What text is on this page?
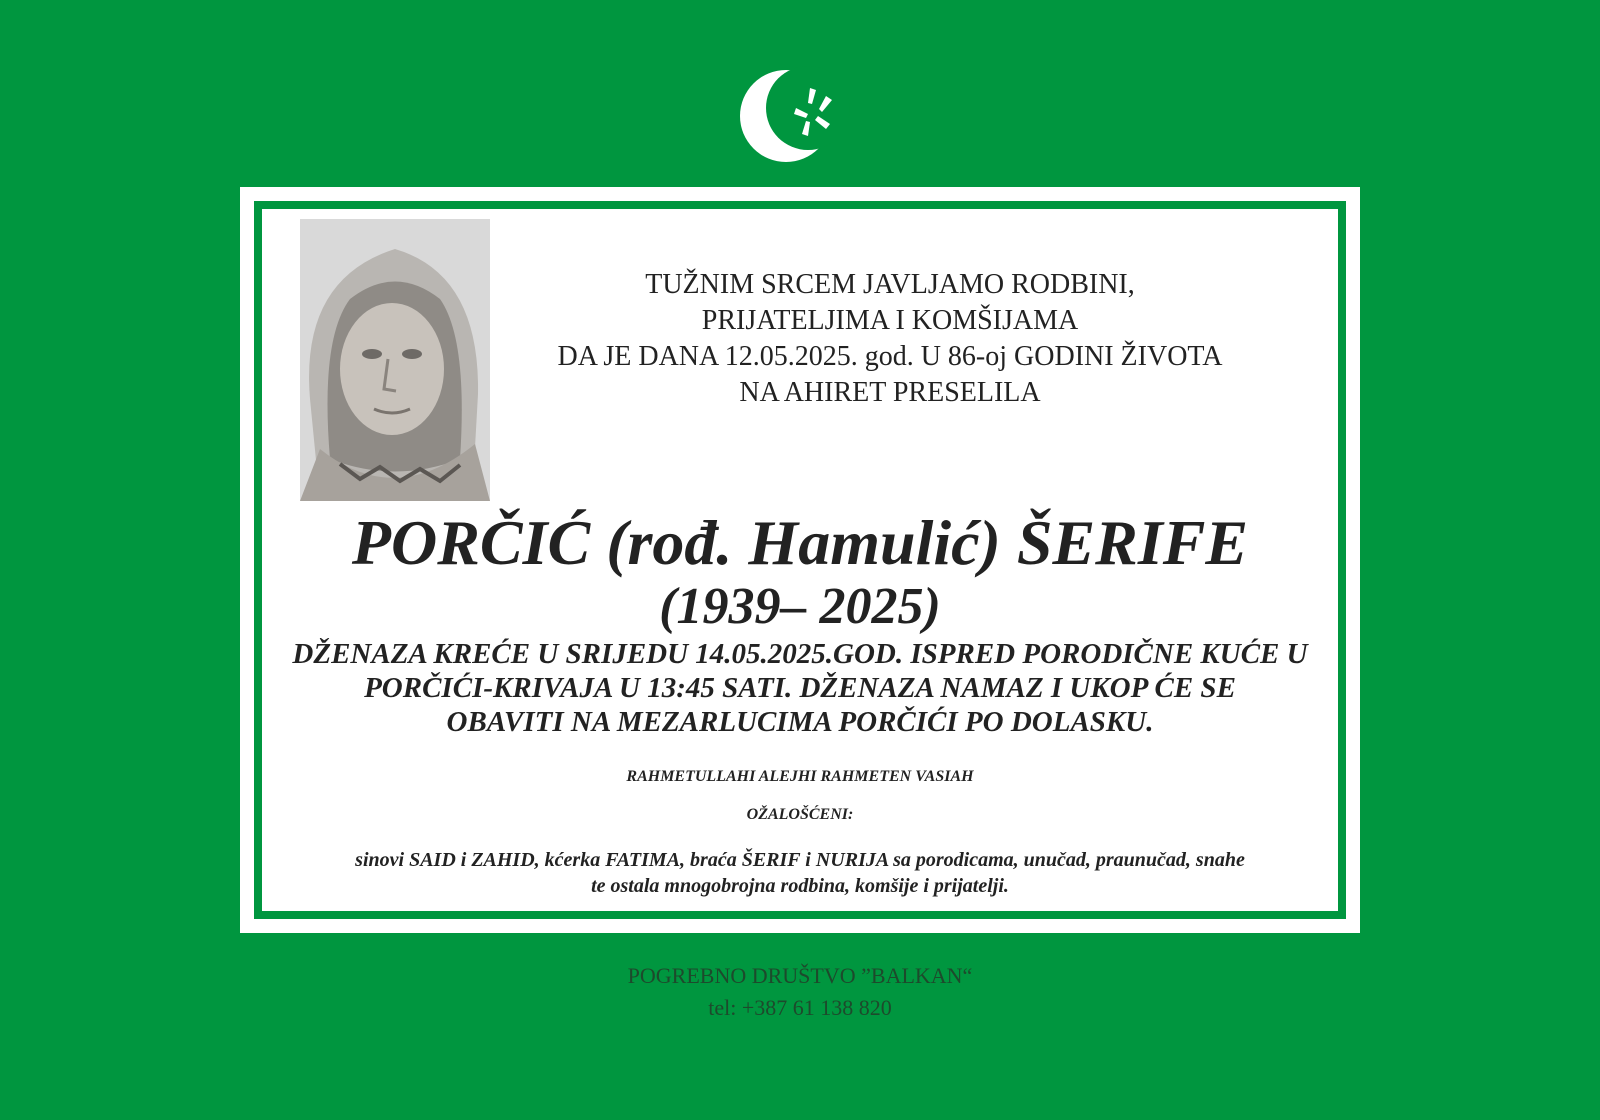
TUŽNIM SRCEM JAVLJAMO RODBINI,
PRIJATELJIMA I KOMŠIJAMA
DA JE DANA 12.05.2025. god. U 86-oj GODINI ŽIVOTA
NA AHIRET PRESELILA
PORČIĆ (rođ. Hamulić) ŠERIFE
(1939– 2025)
DŽENAZA KREĆE U SRIJEDU 14.05.2025.GOD. ISPRED PORODIČNE KUĆE U
PORČIĆI-KRIVAJA U 13:45 SATI. DŽENAZA NAMAZ I UKOP ĆE SE
OBAVITI NA MEZARLUCIMA PORČIĆI PO DOLASKU.
RAHMETULLAHI ALEJHI RAHMETEN VASIAH
OŽALOŠĆENI:
sinovi SAID i ZAHID, kćerka FATIMA, braća ŠERIF i NURIJA sa porodicama, unučad, praunučad, snahe
te ostala mnogobrojna rodbina, komšije i prijatelji.
POGREBNO DRUŠTVO ”BALKAN“
tel: +387 61 138 820
